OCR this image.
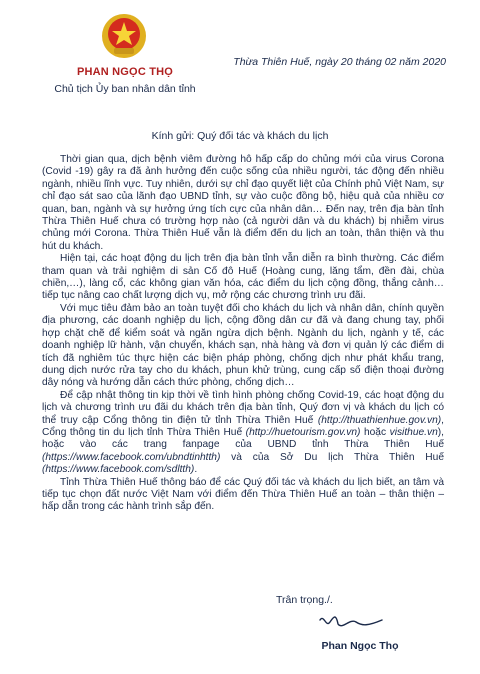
PHAN NGỌC THỌ
Chủ tịch Ủy ban nhân dân tỉnh
Thừa Thiên Huế, ngày 20 tháng 02 năm 2020
Kính gửi: Quý đối tác và khách du lịch

Thời gian qua, dịch bệnh viêm đường hô hấp cấp do chủng mới của virus Corona (Covid -19) gây ra đã ảnh hưởng đến cuộc sống của nhiều người, tác động đến nhiều ngành, nhiều lĩnh vực. Tuy nhiên, dưới sự chỉ đạo quyết liệt của Chính phủ Việt Nam, sự chỉ đạo sát sao của lãnh đạo UBND tỉnh, sự vào cuộc đồng bộ, hiệu quả của nhiều cơ quan, ban, ngành và sự hưởng ứng tích cực của nhân dân… Đến nay, trên địa bàn tỉnh Thừa Thiên Huế chưa có trường hợp nào (cả người dân và du khách) bị nhiễm virus chủng mới Corona. Thừa Thiên Huế vẫn là điểm đến du lịch an toàn, thân thiện và thu hút du khách.

Hiện tại, các hoạt động du lịch trên địa bàn tỉnh vẫn diễn ra bình thường. Các điểm tham quan và trải nghiệm di sản Cố đô Huế (Hoàng cung, lăng tẩm, đền đài, chùa chiền,…), làng cổ, các không gian văn hóa, các điểm du lịch cộng đồng, thắng cảnh… tiếp tục nâng cao chất lượng dịch vụ, mở rộng các chương trình ưu đãi.

Với mục tiêu đảm bảo an toàn tuyệt đối cho khách du lịch và nhân dân, chính quyền địa phương, các doanh nghiệp du lịch, cộng đồng dân cư đã và đang chung tay, phối hợp chặt chẽ để kiểm soát và ngăn ngừa dịch bệnh. Ngành du lịch, ngành y tế, các doanh nghiệp lữ hành, vận chuyển, khách sạn, nhà hàng và đơn vị quản lý các điểm di tích đã nghiêm túc thực hiện các biện pháp phòng, chống dịch như phát khẩu trang, dung dịch nước rửa tay cho du khách, phun khử trùng, cung cấp số điện thoại đường dây nóng và hướng dẫn cách thức phòng, chống dịch…

Để cập nhật thông tin kịp thời về tình hình phòng chống Covid-19, các hoạt động du lịch và chương trình ưu đãi du khách trên địa bàn tỉnh, Quý đơn vị và khách du lịch có thể truy cập Cổng thông tin điện tử tỉnh Thừa Thiên Huế (http://thuathienhue.gov.vn), Cổng thông tin du lịch tỉnh Thừa Thiên Huế (http://huetourism.gov.vn) hoặc visithue.vn), hoặc vào các trang fanpage của UBND tỉnh Thừa Thiên Huế (https://www.facebook.com/ubndtinhtth) và của Sở Du lịch Thừa Thiên Huế (https://www.facebook.com/sdltth).

Tỉnh Thừa Thiên Huế thông báo để các Quý đối tác và khách du lịch biết, an tâm và tiếp tục chọn đất nước Việt Nam với điểm đến Thừa Thiên Huế an toàn – thân thiện – hấp dẫn trong các hành trình sắp đến.

Trân trọng./.
Phan Ngọc Thọ
